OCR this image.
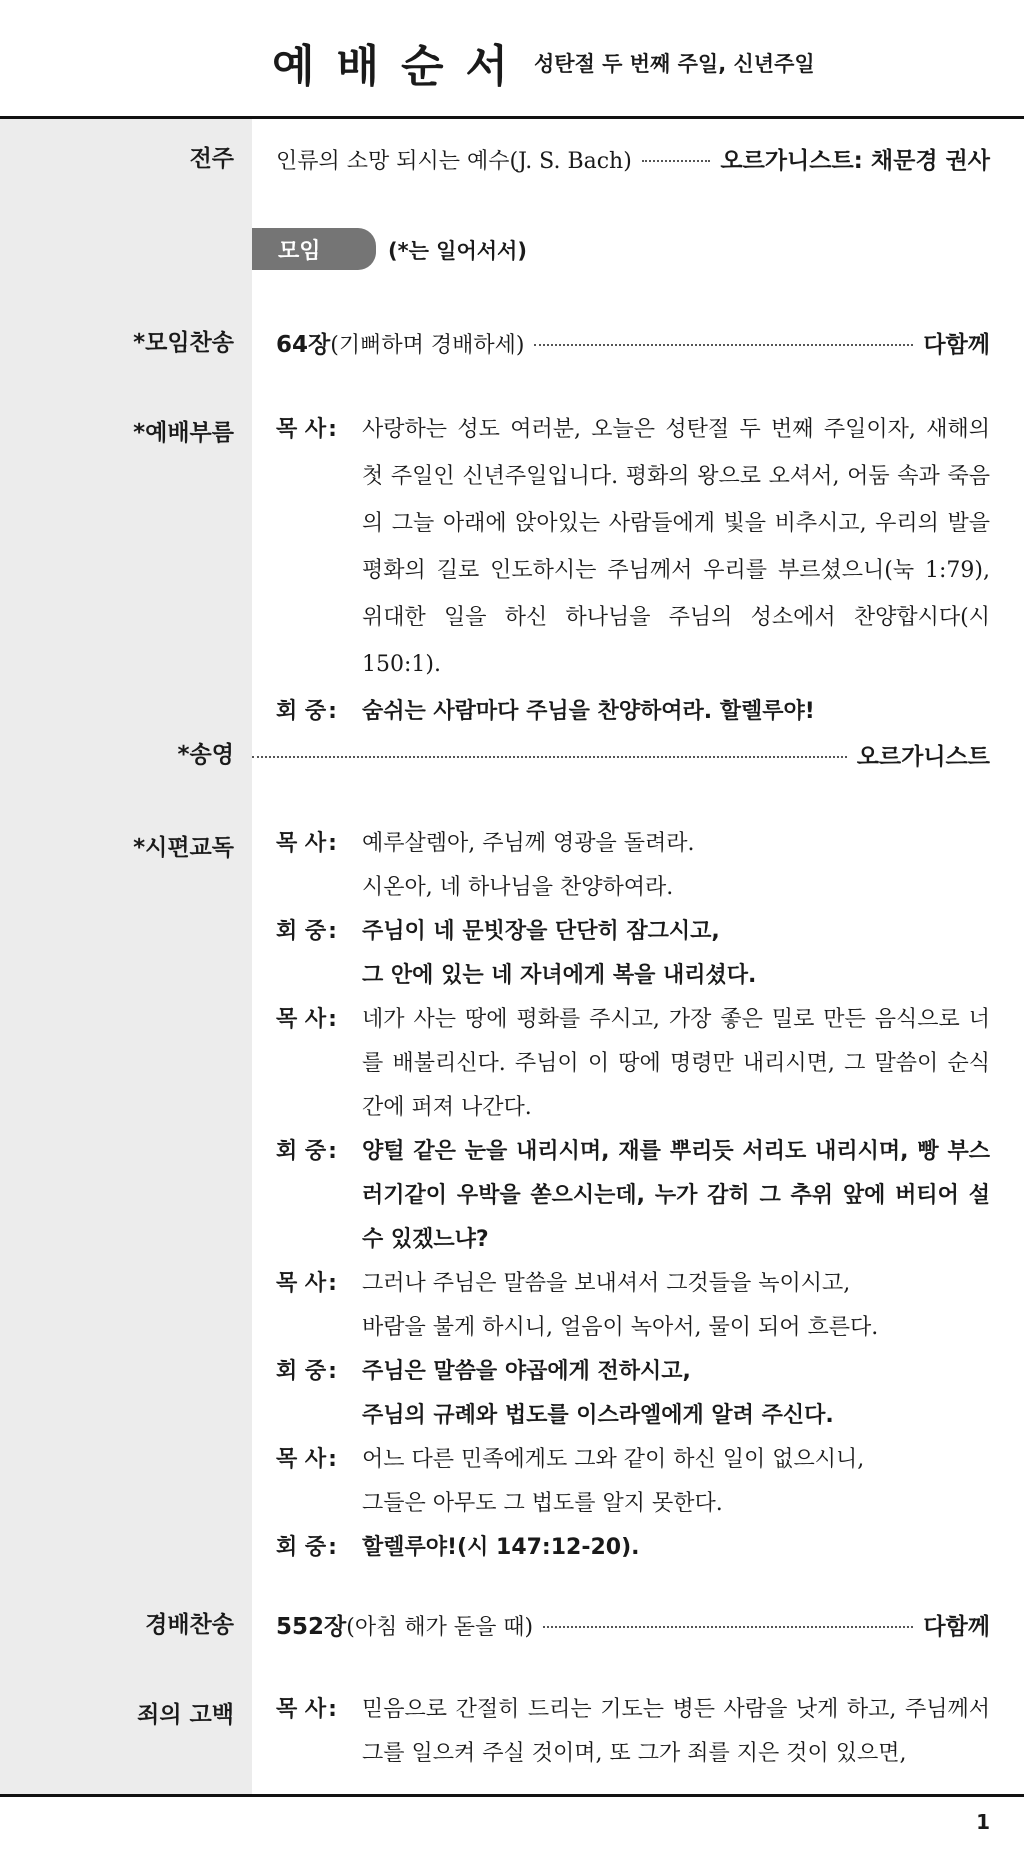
예배순서 성탄절 두 번째 주일, 신년주일
전주 인류의 소망 되시는 예수(J. S. Bach)	오르가니스트: 채문경 권사
모임	(*는 일어서서)
*모임찬송 64장 (기뻐하며 경배하세)	다함께
*예배부름 목 사:	사랑하는 성도 여러분, 오늘은 성탄절 두 번째 주일이자, 새해의 첫 주일인 신년주일입니다. 평화의 왕으로 오셔서, 어둠 속과 죽음의 그늘 아래에 앉아있는 사람들에게 빛을 비추시고, 우리의 발을 평화의 길로 인도하시는 주님께서 우리를 부르셨으니(눅 1:79), 위대한 일을 하신 하나님을 주님의 성소에서 찬양합시다(시 150:1).
회 중:	숨쉬는 사람마다 주님을 찬양하여라. 할렐루야!
*송영	오르가니스트
*시편교독 목 사:	예루살렘아, 주님께 영광을 돌려라.
시온아, 네 하나님을 찬양하여라.
회 중:	주님이 네 문빗장을 단단히 잠그시고,
그 안에 있는 네 자녀에게 복을 내리셨다.
목 사:	네가 사는 땅에 평화를 주시고, 가장 좋은 밀로 만든 음식으로 너를 배불리신다. 주님이 이 땅에 명령만 내리시면, 그 말씀이 순식간에 퍼져 나간다.
회 중:	양털 같은 눈을 내리시며, 재를 뿌리듯 서리도 내리시며, 빵 부스러기같이 우박을 쏟으시는데, 누가 감히 그 추위 앞에 버티어 설 수 있겠느냐?
목 사:	그러나 주님은 말씀을 보내셔서 그것들을 녹이시고,
바람을 불게 하시니, 얼음이 녹아서, 물이 되어 흐른다.
회 중:	주님은 말씀을 야곱에게 전하시고,
주님의 규례와 법도를 이스라엘에게 알려 주신다.
목 사:	어느 다른 민족에게도 그와 같이 하신 일이 없으시니,
그들은 아무도 그 법도를 알지 못한다.
회 중:	할렐루야!(시 147:12-20).
경배찬송 552장 (아침 해가 돋을 때)	다함께
죄의 고백 목 사:	믿음으로 간절히 드리는 기도는 병든 사람을 낫게 하고, 주님께서 그를 일으켜 주실 것이며, 또 그가 죄를 지은 것이 있으면,
1
